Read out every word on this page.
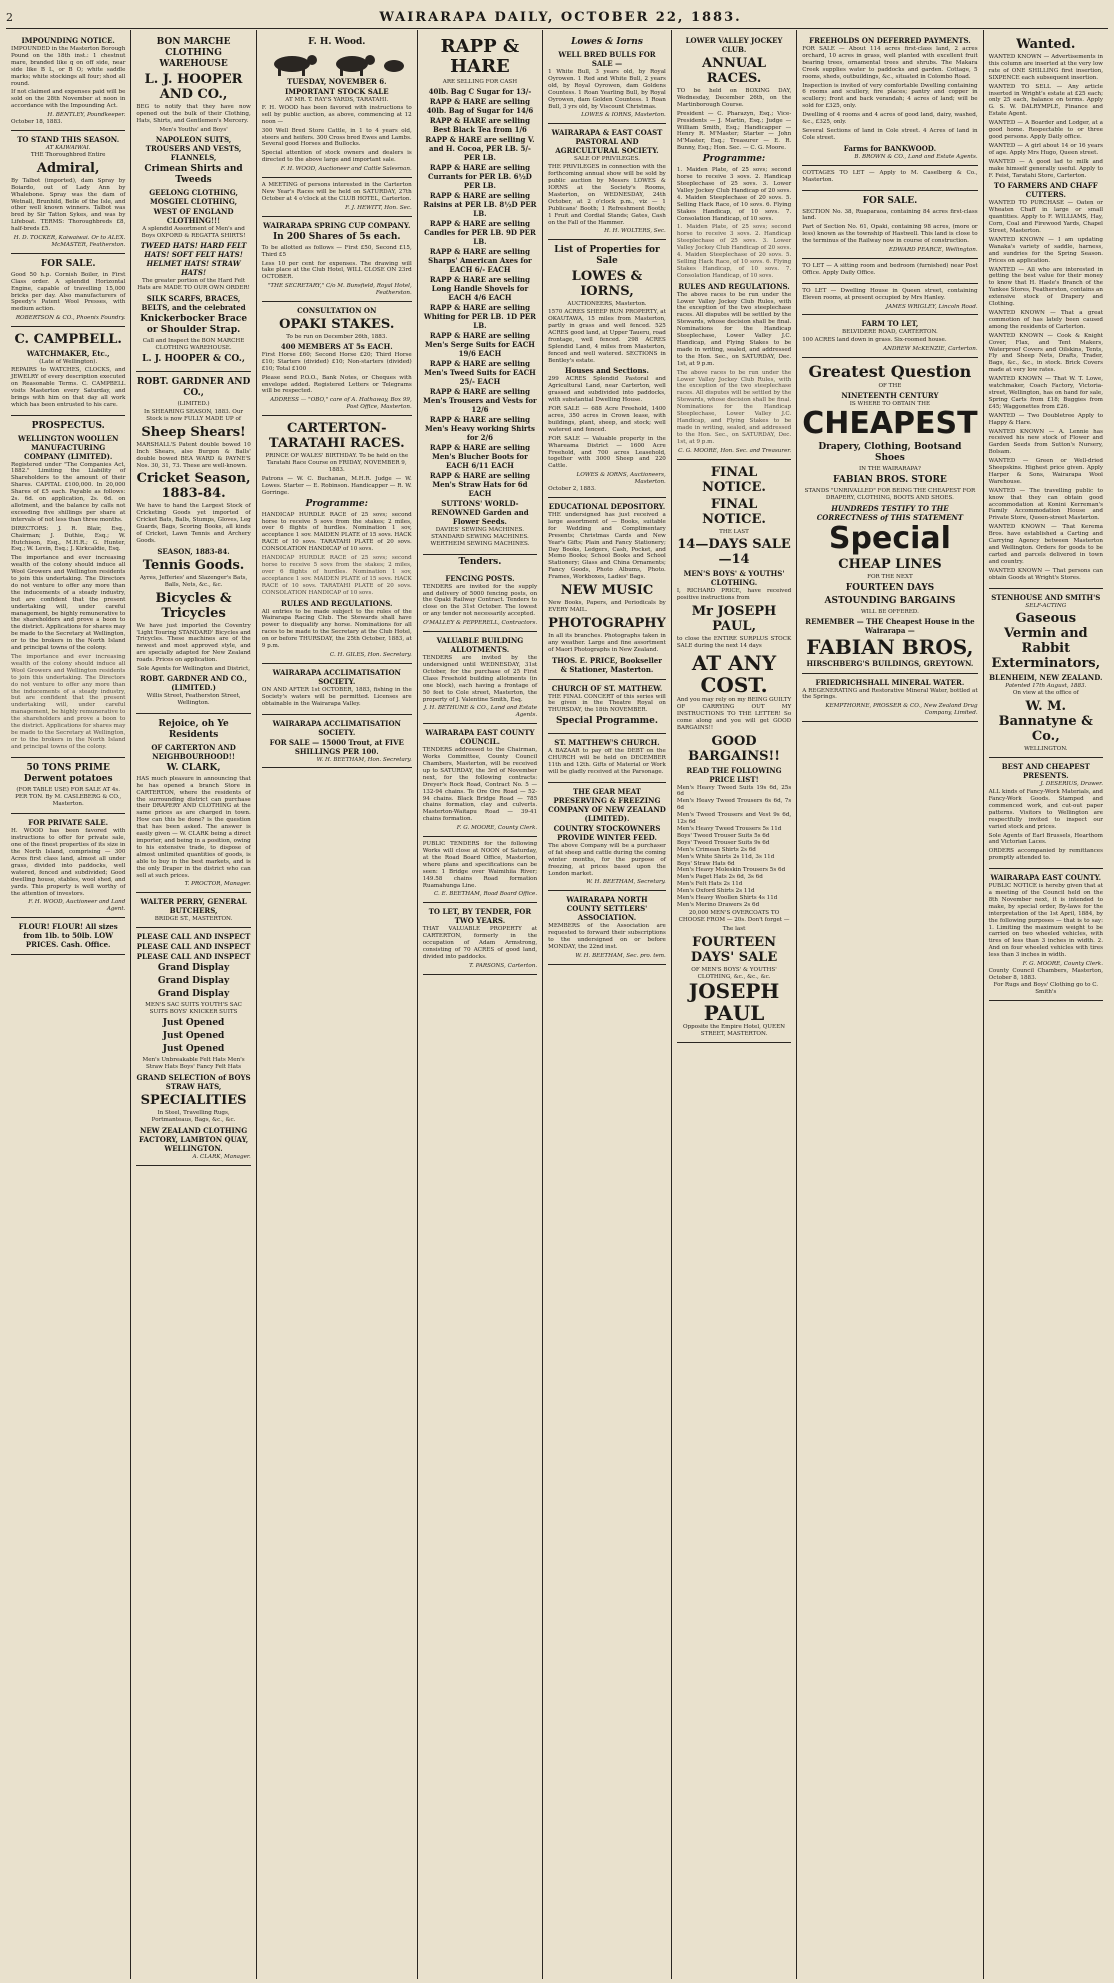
2	WAIRARAPA DAILY, OCTOBER 22, 1883.
IMPOUNDING NOTICE.

IMPOUNDED in the Masterton Borough Pound on the 18th inst.: 1 chestnut mare, branded like q on off side, near side like B L, or B O; white saddle marks; white stockings all four; shod all round.

If not claimed and expenses paid will be sold on the 28th November at noon in accordance with the Impounding Act.

H. BENTLEY, Poundkeeper.
October 18, 1883.
TO STAND THIS SEASON.
AT KAIWAIWAI.
THE Thoroughbred Entire
Admiral,

By Talbot (imported), dam Spray by Boiardo, out of Lady Ann by Whalebone. Spray was the dam of Wetnall, Brunhild, Belle of the Isle, and other well known winners. Talbot was bred by Sir Tatton Sykes, and was by Lifeboat. TERMS: Thoroughbreds £8, half-breds £5.

H. D. TOCKER, Kaiwaiwai. Or to ALEX. McMASTER, Featherston.
FOR SALE.

Good 50 h.p. Cornish Boiler, in First Class order. A splendid Horizontal Engine, capable of travelling 15,000 bricks per day. Also manufacturers of Speedy's Patent Wool Presses, with medium action.

ROBERTSON & CO., Phoenix Foundry.
C. CAMPBELL.
WATCHMAKER, Etc.,
(Late of Wellington).

REPAIRS to WATCHES, CLOCKS, and JEWELRY of every description executed on Reasonable Terms. C. CAMPBELL visits Masterton every Saturday, and brings with him on that day all work which has been entrusted to his care.

PROSPECTUS.
WELLINGTON WOOLLEN MANUFACTURING COMPANY (LIMITED).

Registered under "The Companies Act, 1882." Limiting the Liability of Shareholders to the amount of their Shares. CAPITAL £100,000. In 20,000 Shares of £5 each. Payable as follows: 2s. 6d. on application, 2s. 6d. on allotment, and the balance by calls not exceeding five shillings per share at intervals of not less than three months.

DIRECTORS: J. R. Blair, Esq., Chairman; J. Duthie, Esq.; W. Hutchison, Esq., M.H.R.; G. Hunter, Esq.; W. Levin, Esq.; J. Kirkcaldie, Esq.

The importance and ever increasing wealth of the colony should induce all Wool Growers and Wellington residents to join this undertaking. The Directors do not venture to offer any more than the inducements of a steady industry, but are confident that the present undertaking will, under careful management, be highly remunerative to the shareholders and prove a boon to the district. Applications for shares may be made to the Secretary at Wellington, or to the brokers in the North Island and principal towns of the colony.

The importance and ever increasing wealth of the colony should induce all Wool Growers and Wellington residents to join this undertaking. The Directors do not venture to offer any more than the inducements of a steady industry, but are confident that the present undertaking will, under careful management, be highly remunerative to the shareholders and prove a boon to the district. Applications for shares may be made to the Secretary at Wellington, or to the brokers in the North Island and principal towns of the colony.

50 TONS PRIME Derwent potatoes

(FOR TABLE USE) FOR SALE AT 4s. PER TON. By M. CASLEBERG & CO., Masterton.

FOR PRIVATE SALE.

H. WOOD has been favored with instructions to offer for private sale, one of the finest properties of its size in the North Island, comprising — 300 Acres first class land, almost all under grass, divided into paddocks, well watered, fenced and subdivided; Good dwelling house, stables, wool shed, and yards. This property is well worthy of the attention of investors.

F. H. WOOD, Auctioneer and Land Agent.
FLOUR! FLOUR! All sizes from 1lb. to 50lb. LOW PRICES. Cash. Office.
BON MARCHE CLOTHING WAREHOUSE
L. J. HOOPER AND CO.,

BEG to notify that they have now opened out the bulk of their Clothing, Hats, Shirts, and Gentlemen's Mercery.

Men's Youths' and Boys'
NAPOLEON SUITS, TROUSERS AND VESTS, FLANNELS,
Crimean Shirts and Tweeds
GEELONG CLOTHING, MOSGIEL CLOTHING,
WEST OF ENGLAND CLOTHING!!!

A splendid Assortment of Men's and Boys OXFORD & REGATTA SHIRTS!

TWEED HATS! HARD FELT HATS! SOFT FELT HATS! HELMET HATS! STRAW HATS!

The greater portion of the Hard Felt Hats are MADE TO OUR OWN ORDER!

SILK SCARFS, BRACES, BELTS, and the celebrated
Knickerbocker Brace or Shoulder Strap.

Call and Inspect the BON MARCHE CLOTHING WAREHOUSE.

L. J. HOOPER & CO.,
ROBT. GARDNER AND CO.,
(LIMITED.)

In SHEARING SEASON, 1883. Our Stock is now FULLY MADE UP of

Sheep Shears!

MARSHALL'S Patent double bowed 10 Inch Shears, also Burgon & Balls' double bowed BEA WARD & PAYNE'S Nos. 30, 31, 73. These are well-known.

Cricket Season, 1883-84.

We have to hand the Largest Stock of Cricketing Goods yet imported of Cricket Bats, Balls, Stumps, Gloves, Leg Guards, Bags, Scoring Books, all kinds of Cricket, Lawn Tennis and Archery Goods.

SEASON, 1883-84.
Tennis Goods.

Ayres, Jefferies' and Slazenger's Bats, Balls, Nets, &c., &c.

Bicycles & Tricycles

We have just imported the Coventry 'Light Touring STANDARD' Bicycles and Tricycles. These machines are of the newest and most approved style, and are specially adapted for New Zealand roads. Prices on application.

Sole Agents for Wellington and District,
ROBT. GARDNER AND CO., (LIMITED.)

Willis Street, Featherston Street, Wellington.

Rejoice, oh Ye Residents
OF CARTERTON AND NEIGHBOURHOOD!!
W. CLARK,

HAS much pleasure in announcing that he has opened a branch Store in CARTERTON, where the residents of the surrounding district can purchase their DRAPERY AND CLOTHING at the same prices as are charged in town. How can this be done? is the question that has been asked. The answer is easily given — W. CLARK being a direct importer, and being in a position, owing to his extensive trade, to dispose of almost unlimited quantities of goods, is able to buy in the best markets, and is the only Draper in the district who can sell at such prices.

T. PROCTOR, Manager.
WALTER PERRY, GENERAL BUTCHERS,
BRIDGE ST., MASTERTON.
PLEASE CALL AND INSPECT
PLEASE CALL AND INSPECT
PLEASE CALL AND INSPECT
Grand Display
Grand Display
Grand Display

MEN'S SAC SUITS YOUTH'S SAC SUITS BOYS' KNICKER SUITS

Just Opened
Just Opened
Just Opened

Men's Unbreakable Felt Hats Men's Straw Hats Boys' Fancy Felt Hats

GRAND SELECTION of BOYS STRAW HATS,
SPECIALITIES

In Steel, Travelling Rugs, Portmanteaus, Bags, &c., &c.

NEW ZEALAND CLOTHING FACTORY, LAMBTON QUAY, WELLINGTON.
A. CLARK, Manager.
F. H. Wood.
TUESDAY, NOVEMBER 6.
IMPORTANT STOCK SALE
AT MR. T. RAY'S YARDS, TARATAHI.

F. H. WOOD has been favored with instructions to sell by public auction, as above, commencing at 12 noon —

300 Well Bred Store Cattle, in 1 to 4 years old, steers and heifers. 300 Cross bred Ewes and Lambs. Several good Horses and Bullocks.

Special attention of stock owners and dealers is directed to the above large and important sale.

F. H. WOOD, Auctioneer and Cattle Salesman.

A MEETING of persons interested in the Carterton New Year's Races will be held on SATURDAY, 27th October at 4 o'clock at the CLUB HOTEL, Carterton.

F. J. HEWITT, Hon. Sec.
WAIRARAPA SPRING CUP COMPANY.
In 200 Shares of 5s each.

To be allotted as follows — First £50, Second £15, Third £5

Less 10 per cent for expenses. The drawing will take place at the Club Hotel, WILL CLOSE ON 23rd OCTOBER.

"THE SECRETARY," C/o M. Bunsfield, Royal Hotel, Featherston.
CONSULTATION ON
OPAKI STAKES.
To be run on December 26th, 1883.
400 MEMBERS AT 5s EACH.

First Horse £60; Second Horse £20; Third Horse £10; Starters (divided) £10; Non-starters (divided) £10; Total £100

Please send P.O.O., Bank Notes, or Cheques with envelope added. Registered Letters or Telegrams will be respected.

ADDRESS — "OBO," care of A. Hathaway, Box 99, Post Office, Masterton.
CARTERTON-TARATAHI RACES.

PRINCE OF WALES' BIRTHDAY. To be held on the Taratahi Race Course on FRIDAY, NOVEMBER 9, 1883.

Patrons — W. C. Buchanan, M.H.R. Judge — W. Lowes. Starter — E. Robinson. Handicapper — R. W. Gorringe.

Programme:

HANDICAP HURDLE RACE of 25 sovs; second horse to receive 5 sovs from the stakes; 2 miles, over 6 flights of hurdles. Nomination 1 sov, acceptance 1 sov. MAIDEN PLATE of 15 sovs. HACK RACE of 10 sovs. TARATAHI PLATE of 20 sovs. CONSOLATION HANDICAP of 10 sovs.

HANDICAP HURDLE RACE of 25 sovs; second horse to receive 5 sovs from the stakes; 2 miles, over 6 flights of hurdles. Nomination 1 sov, acceptance 1 sov. MAIDEN PLATE of 15 sovs. HACK RACE of 10 sovs. TARATAHI PLATE of 20 sovs. CONSOLATION HANDICAP of 10 sovs.

RULES AND REGULATIONS.

All entries to be made subject to the rules of the Wairarapa Racing Club. The Stewards shall have power to disqualify any horse. Nominations for all races to be made to the Secretary at the Club Hotel, on or before THURSDAY, the 25th October, 1883, at 9 p.m.

C. H. GILES, Hon. Secretary.
WAIRARAPA ACCLIMATISATION SOCIETY.

ON AND AFTER 1st OCTOBER, 1883, fishing in the Society's waters will be permitted. Licenses are obtainable in the Wairarapa Valley.

WAIRARAPA ACCLIMATISATION SOCIETY.
FOR SALE — 15000 Trout, at FIVE SHILLINGS PER 100.
W. H. BEETHAM, Hon. Secretary.
RAPP & HARE
ARE SELLING FOR CASH
40lb. Bag C Sugar for 13/-
RAPP & HARE are selling 40lb. Bag of Sugar for 14/6
RAPP & HARE are selling Best Black Tea from 1/6
RAPP & HARE are selling V. and H. Cocoa, PER LB. 5/- PER LB.
RAPP & HARE are selling Currants for PER LB. 6½D PER LB.
RAPP & HARE are selling Raisins at PER LB. 8½D PER LB.
RAPP & HARE are selling Candles for PER LB. 9D PER LB.
RAPP & HARE are selling Sharps' American Axes for EACH 6/- EACH
RAPP & HARE are selling Long Handle Shovels for EACH 4/6 EACH
RAPP & HARE are selling Whiting for PER LB. 1D PER LB.
RAPP & HARE are selling Men's Serge Suits for EACH 19/6 EACH
RAPP & HARE are selling Men's Tweed Suits for EACH 25/- EACH
RAPP & HARE are selling Men's Trousers and Vests for 12/6
RAPP & HARE are selling Men's Heavy working Shirts for 2/6
RAPP & HARE are selling Men's Blucher Boots for EACH 6/11 EACH
RAPP & HARE are selling Men's Straw Hats for 6d EACH
SUTTONS' WORLD-RENOWNED Garden and Flower Seeds.

DAVIES' SEWING MACHINES. STANDARD SEWING MACHINES. WERTHEIM SEWING MACHINES.

Tenders.
FENCING POSTS.

TENDERS are invited for the supply and delivery of 5000 fencing posts, on the Opaki Railway Contract. Tenders to close on the 31st October. The lowest or any tender not necessarily accepted.

O'MALLEY & PEPPERELL, Contractors.
VALUABLE BUILDING ALLOTMENTS.

TENDERS are invited by the undersigned until WEDNESDAY, 31st October, for the purchase of 25 First Class Freehold building allotments (in one block), each having a frontage of 50 feet to Cole street, Masterton, the property of J. Valentine Smith, Esq.

J. H. BETHUNE & CO., Land and Estate Agents.
WAIRARAPA EAST COUNTY COUNCIL.

TENDERS addressed to the Chairman, Works Committee, County Council Chambers, Masterton, will be received up to SATURDAY, the 3rd of November next, for the following contracts: Dreyer's Rock Road, Contract No. 5 — 132-94 chains. Te Ore Ore Road — 52-94 chains. Black Bridge Road — 785 chains formation, clay and culverts. Masterton-Waitapu Road — 39-41 chains formation.

F. G. MOORE, County Clerk.

PUBLIC TENDERS for the following Works will close at NOON of Saturday, at the Road Board Office, Masterton, where plans and specifications can be seen: 1 Bridge over Waimihiia River; 149.58 chains Road formation Ruamahunga Line.

C. E. BEETHAM, Road Board Office.
TO LET, BY TENDER, FOR TWO YEARS.

THAT VALUABLE PROPERTY at CARTERTON, formerly in the occupation of Adam Armstrong, consisting of 70 ACRES of good land, divided into paddocks.

T. PARSONS, Carterton.
Lowes & Iorns
WELL BRED BULLS FOR SALE —

1 White Bull, 3 years old, by Royal Oyrowen. 1 Red and White Bull, 2 years old, by Royal Oyrowen, dam Goldens Countess. 1 Roan Yearling Bull, by Royal Oyrowen, dam Golden Countess. 1 Roan Bull, 3 yrs old, by Viscount Christmas.

LOWES & IORNS, Masterton.
WAIRARAPA & EAST COAST PASTORAL AND AGRICULTURAL SOCIETY.
SALE OF PRIVILEGES.

THE PRIVILEGES in connection with the forthcoming annual show will be sold by public auction by Messrs LOWES & IORNS at the Society's Rooms, Masterton, on WEDNESDAY, 24th October, at 2 o'clock p.m., viz — 1 Publicans' Booth; 1 Refreshment Booth; 1 Fruit and Cordial Stands; Gates, Cash on the Fall of the Hammer.

H. H. WOLTERS, Sec.
List of Properties for Sale
LOWES & IORNS,
AUCTIONEERS, Masterton.

1570 ACRES SHEEP RUN PROPERTY, at OKAUTAWA, 15 miles from Masterton, partly in grass and well fenced. 525 ACRES good land, at Upper Taueru, road frontage, well fenced. 298 ACRES Splendid Land, 4 miles from Masterton, fenced and well watered. SECTIONS in Bentley's estate.

Houses and Sections.

299 ACRES Splendid Pastoral and Agricultural Land, near Carterton, well grassed and subdivided into paddocks, with substantial Dwelling House.

FOR SALE — 688 Acre Freehold, 1400 acres, 350 acres in Crown lease, with buildings, plant, sheep, and stock; well watered and fenced.

FOR SALE — Valuable property in the Whareama District — 1600 Acre Freehold, and 700 acres Leasehold, together with 3000 Sheep and 220 Cattle.

LOWES & IORNS, Auctioneers, Masterton.
October 2, 1883.
EDUCATIONAL DEPOSITORY.

THE undersigned has just received a large assortment of — Books, suitable for Wedding and Complimentary Presents; Christmas Cards and New Year's Gifts; Plain and Fancy Stationery; Day Books, Ledgers, Cash, Pocket, and Memo Books; School Books and School Stationery; Glass and China Ornaments; Fancy Goods, Photo Albums, Photo. Frames, Workboxes, Ladies' Bags.

NEW MUSIC

New Books, Papers, and Periodicals by EVERY MAIL.

PHOTOGRAPHY

In all its branches. Photographs taken in any weather. Large and fine assortment of Maori Photographs in New Zealand.

THOS. E. PRICE, Bookseller & Stationer, Masterton.
CHURCH OF ST. MATTHEW.

THE FINAL CONCERT of this series will be given in the Theatre Royal on THURSDAY, the 18th NOVEMBER.

Special Programme.
ST. MATTHEW'S CHURCH.

A BAZAAR to pay off the DEBT on the CHURCH will be held on DECEMBER 11th and 12th. Gifts of Material or Work will be gladly received at the Parsonage.

THE GEAR MEAT PRESERVING & FREEZING COMPANY OF NEW ZEALAND (LIMITED).
COUNTRY STOCKOWNERS PROVIDE WINTER FEED.

The above Company will be a purchaser of fat sheep and cattle during the coming winter months, for the purpose of freezing, at prices based upon the London market.

W. H. BEETHAM, Secretary.
WAIRARAPA NORTH COUNTY SETTLERS' ASSOCIATION.

MEMBERS of the Association are requested to forward their subscriptions to the undersigned on or before MONDAY, the 22nd inst.

W. H. BEETHAM, Sec. pro. tem.
LOWER VALLEY JOCKEY CLUB.
ANNUAL RACES.

TO be held on BOXING DAY, Wednesday, December 26th, on the Martinborough Course.

President — C. Pharazyn, Esq.; Vice-Presidents — J. Martin, Esq.; Judge — William Smith, Esq.; Handicapper — Henry R. M'Master; Starter — John M'Master, Esq.; Treasurer — E. R. Bunny, Esq.; Hon. Sec. — C. G. Moore.

Programme:

1. Maiden Plate, of 25 sovs; second horse to receive 3 sovs. 2. Handicap Steeplechase of 25 sovs. 3. Lower Valley Jockey Club Handicap of 20 sovs. 4. Maiden Steeplechase of 20 sovs. 5. Selling Hack Race, of 10 sovs. 6. Flying Stakes Handicap, of 10 sovs. 7. Consolation Handicap, of 10 sovs.

1. Maiden Plate, of 25 sovs; second horse to receive 3 sovs. 2. Handicap Steeplechase of 25 sovs. 3. Lower Valley Jockey Club Handicap of 20 sovs. 4. Maiden Steeplechase of 20 sovs. 5. Selling Hack Race, of 10 sovs. 6. Flying Stakes Handicap, of 10 sovs. 7. Consolation Handicap, of 10 sovs.

RULES AND REGULATIONS.

The above races to be run under the Lower Valley Jockey Club Rules, with the exception of the two steeplechase races. All disputes will be settled by the Stewards, whose decision shall be final. Nominations for the Handicap Steeplechase, Lower Valley J.C. Handicap, and Flying Stakes to be made in writing, sealed, and addressed to the Hon. Sec., on SATURDAY, Dec. 1st, at 9 p.m.

The above races to be run under the Lower Valley Jockey Club Rules, with the exception of the two steeplechase races. All disputes will be settled by the Stewards, whose decision shall be final. Nominations for the Handicap Steeplechase, Lower Valley J.C. Handicap, and Flying Stakes to be made in writing, sealed, and addressed to the Hon. Sec., on SATURDAY, Dec. 1st, at 9 p.m.

C. G. MOORE, Hon. Sec. and Treasurer.
FINAL NOTICE.
FINAL NOTICE.
THE LAST
14—DAYS SALE—14
MEN'S BOYS' & YOUTHS' CLOTHING.

I, RICHARD PRICE, have received positive instructions from

Mr JOSEPH PAUL,

to close the ENTIRE SURPLUS STOCK SALE during the next 14 days

AT ANY COST.

And you may rely on my BEING GUILTY OF CARRYING OUT MY INSTRUCTIONS TO THE LETTER! So come along and you will get GOOD BARGAINS!!

GOOD BARGAINS!!
READ THE FOLLOWING PRICE LIST!
Men's Heavy Tweed Suits 19s 6d, 25s 6d
Men's Heavy Tweed Trousers 6s 6d, 7s 6d
Men's Tweed Trousers and Vest 9s 6d, 12s 6d
Men's Heavy Tweed Trousers 5s 11d
Boys' Tweed Trouser Suits 5s 6d
Boys' Tweed Trouser Suits 9s 6d
Men's Crimean Shirts 2s 6d
Men's White Shirts 2s 11d, 3s 11d
Boys' Straw Hats 6d
Men's Heavy Moleskin Trousers 5s 6d
Men's Paget Hats 2s 6d, 3s 6d
Men's Felt Hats 2s 11d
Men's Oxford Shirts 2s 11d
Men's Heavy Woollen Shirts 4s 11d
Men's Merino Drawers 2s 6d

20,000 MEN'S OVERCOATS TO CHOOSE FROM — 20s. Don't forget —

The last
FOURTEEN DAYS' SALE
OF MEN'S BOYS' & YOUTHS' CLOTHING, &c., &c., &c.
JOSEPH PAUL
Opposite the Empire Hotel, QUEEN STREET, MASTERTON.
FREEHOLDS ON DEFERRED PAYMENTS.

FOR SALE — About 114 acres first-class land, 2 acres orchard, 10 acres in grass, well planted with excellent fruit bearing trees, ornamental trees and shrubs. The Makara Creek supplies water to paddocks and garden. Cottage, 5 rooms, sheds, outbuildings, &c., situated in Colombo Road.

Inspection is invited of very comfortable Dwelling containing 6 rooms and scullery, fire places; pantry and copper in scullery; front and back verandah; 4 acres of land; will be sold for £325, only.

Dwelling of 4 rooms and 4 acres of good land, dairy, washed, &c., £325, only.

Several Sections of land in Cole street. 4 Acres of land in Cole street.

Farms for BANKWOOD.
B. BROWN & CO., Land and Estate Agents.

COTTAGES TO LET — Apply to M. Caselberg & Co., Masterton.

FOR SALE.

SECTION No. 38, Ruaparaoa, containing 84 acres first-class land.

Part of Section No. 61, Opaki, containing 98 acres, (more or less) known as the township of Hastwell. This land is close to the terminus of the Railway now in course of construction.

EDWARD PEARCE, Wellington.

TO LET — A sitting room and bedroom (furnished) near Post Office. Apply Daily Office.

TO LET — Dwelling House in Queen street, containing Eleven rooms, at present occupied by Mrs Hanley.

JAMES WRIGLEY, Lincoln Road.
FARM TO LET,
BELVIDERE ROAD, CARTERTON.

100 ACRES land down in grass. Six-roomed house.

ANDREW McKENZIE, Carterton.
Greatest Question
OF THE
NINETEENTH CENTURY
IS WHERE TO OBTAIN THE
CHEAPEST
Drapery, Clothing, Bootsand Shoes
IN THE WAIRARAPA?
FABIAN BROS. STORE

STANDS "UNRIVALLED" FOR BEING THE CHEAPEST FOR DRAPERY, CLOTHING, BOOTS AND SHOES.

HUNDREDS TESTIFY TO THE CORRECTNESS of THIS STATEMENT
Special
CHEAP LINES
FOR THE NEXT
FOURTEEN DAYS
ASTOUNDING BARGAINS
WILL BE OFFERED.
REMEMBER — THE Cheapest House in the Wairarapa —
FABIAN BROS,
HIRSCHBERG'S BUILDINGS, GREYTOWN.
FRIEDRICHSHALL MINERAL WATER.

A REGENERATING and Restorative Mineral Water, bottled at the Springs.

KEMPTHORNE, PROSSER & CO., New Zealand Drug Company, Limited.
Wanted.

WANTED KNOWN — Advertisements in this column are inserted at the very low rate of ONE SHILLING first insertion, SIXPENCE each subsequent insertion.

WANTED TO SELL — Any article inserted in Wright's estate at £25 each; only 25 each, balance on terms. Apply G. S. W. DALRYMPLE, Finance and Estate Agent.

WANTED — A Boarder and Lodger, at a good home. Respectable to or three good persons. Apply Daily office.

WANTED — A girl about 14 or 16 years of age. Apply Mrs Hugo, Queen street.

WANTED — A good lad to milk and make himself generally useful. Apply to F. Feist, Taratahi Store, Carterton.

TO FARMERS AND CHAFF CUTTERS.

WANTED TO PURCHASE — Oaten or Wheaten Chaff in large or small quantities. Apply to F. WILLIAMS, Hay, Corn, Coal and Firewood Yards, Chapel Street, Masterton.

WANTED KNOWN — I am updating Wanaka's variety of saddle, harness, and sundries for the Spring Season. Prices on application.

WANTED — All who are interested in getting the best value for their money to know that H. Hasle's Branch of the Yankee Stores, Featherston, contains an extensive stock of Drapery and Clothing.

WANTED KNOWN — That a great commotion of has lately been caused among the residents of Carterton.

WANTED KNOWN — Cook & Knight Cover, Flax, and Tent Makers, Waterproof Covers and Oilskins, Tents, Fly and Sheep Nets, Drafts, Trader, Bags, &c., &c., in stock. Brick Covers made at very low rates.

WANTED KNOWN — That W. T. Lowe, watchmaker, Coach Factory, Victoria-street, Wellington, has on hand for sale, Spring Carts from £18; Buggies from £45; Waggonettes from £26.

WANTED — Two Doubletree Apply to Happy & Hare.

WANTED KNOWN — A. Lennie has received his new stock of Flower and Garden Seeds from Sutton's Nursery, Bolsam.

WANTED — Green or Well-dried Sheepskins. Highest price given. Apply Harper & Sons, Wairarapa Wool Warehouse.

WANTED — The travelling public to know that they can obtain good accommodation at Konini Kerreman's Family Accommodation House and Private Store, Queen-street Masterton.

WANTED KNOWN — That Kerema Bros. have established a Carting and Carrying Agency between Masterton and Wellington. Orders for goods to be carted and parcels delivered in town and country.

WANTED KNOWN — That persons can obtain Goods at Wright's Stores.

STENHOUSE AND SMITH'S
SELF-ACTING
Gaseous Vermin and Rabbit Exterminators,
BLENHEIM, NEW ZEALAND.
Patented 17th August, 1883.
On view at the office of
W. M. Bannatyne & Co.,
WELLINGTON.
BEST AND CHEAPEST PRESENTS.
J. DESERIUS, Drawer.

ALL kinds of Fancy-Work Materials, and Fancy-Work Goods. Stamped and commenced work, and cut-out paper patterns. Visitors to Wellington are respectfully invited to inspect our varied stock and prices.

Sole Agents of Earl Brussels, Hearthom and Victorian Laces.

ORDERS accompanied by remittances promptly attended to.

WAIRARAPA EAST COUNTY.

PUBLIC NOTICE is hereby given that at a meeting of the Council held on the 8th November next, it is intended to make, by special order, By-laws for the interpretation of the 1st April, 1884, by the following purposes — that is to say: 1. Limiting the maximum weight to be carried on two wheeled vehicles, with tires of less than 3 inches in width. 2. And on four wheeled vehicles with tires less than 3 inches in width.

F. G. MOORE, County Clerk.
County Council Chambers, Masterton, October 8, 1883.
For Rugs and Boys' Clothing go to C. Smith's
